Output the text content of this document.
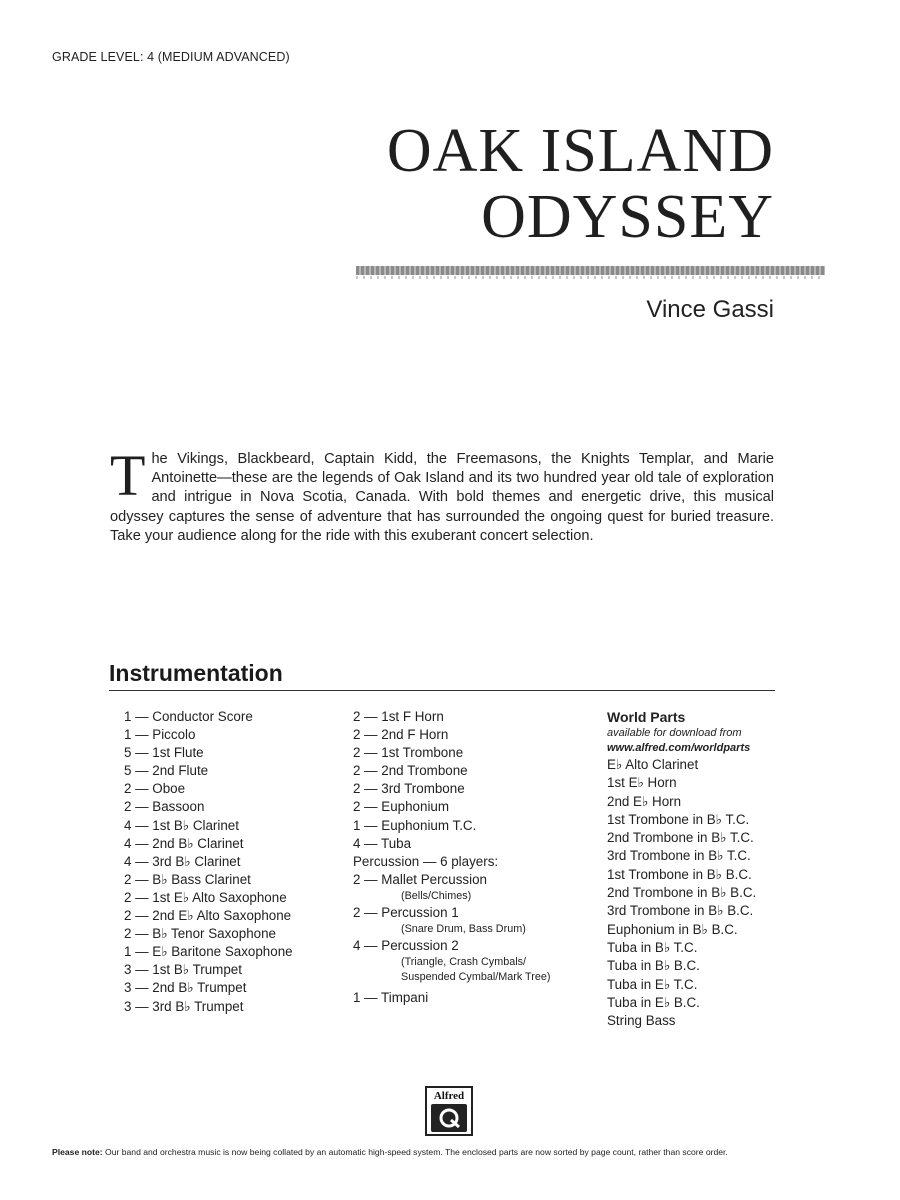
GRADE LEVEL: 4 (MEDIUM ADVANCED)
OAK ISLAND
ODYSSEY
Vince Gassi
The Vikings, Blackbeard, Captain Kidd, the Freemasons, the Knights Templar, and Marie Antoinette—these are the legends of Oak Island and its two hundred year old tale of exploration and intrigue in Nova Scotia, Canada. With bold themes and energetic drive, this musical odyssey captures the sense of adventure that has surrounded the ongoing quest for buried treasure. Take your audience along for the ride with this exuberant concert selection.
Instrumentation
1 — Conductor Score
1 — Piccolo
5 — 1st Flute
5 — 2nd Flute
2 — Oboe
2 — Bassoon
4 — 1st B♭ Clarinet
4 — 2nd B♭ Clarinet
4 — 3rd B♭ Clarinet
2 — B♭ Bass Clarinet
2 — 1st E♭ Alto Saxophone
2 — 2nd E♭ Alto Saxophone
2 — B♭ Tenor Saxophone
1 — E♭ Baritone Saxophone
3 — 1st B♭ Trumpet
3 — 2nd B♭ Trumpet
3 — 3rd B♭ Trumpet
2 — 1st F Horn
2 — 2nd F Horn
2 — 1st Trombone
2 — 2nd Trombone
2 — 3rd Trombone
2 — Euphonium
1 — Euphonium T.C.
4 — Tuba
Percussion — 6 players:
2 — Mallet Percussion
(Bells/Chimes)
2 — Percussion 1
(Snare Drum, Bass Drum)
4 — Percussion 2
(Triangle, Crash Cymbals/ Suspended Cymbal/Mark Tree)
1 — Timpani
World Parts
available for download from
www.alfred.com/worldparts
E♭ Alto Clarinet
1st E♭ Horn
2nd E♭ Horn
1st Trombone in B♭ T.C.
2nd Trombone in B♭ T.C.
3rd Trombone in B♭ T.C.
1st Trombone in B♭ B.C.
2nd Trombone in B♭ B.C.
3rd Trombone in B♭ B.C.
Euphonium in B♭ B.C.
Tuba in B♭ T.C.
Tuba in B♭ B.C.
Tuba in E♭ T.C.
Tuba in E♭ B.C.
String Bass
Alfred
Please note: Our band and orchestra music is now being collated by an automatic high-speed system. The enclosed parts are now sorted by page count, rather than score order.
